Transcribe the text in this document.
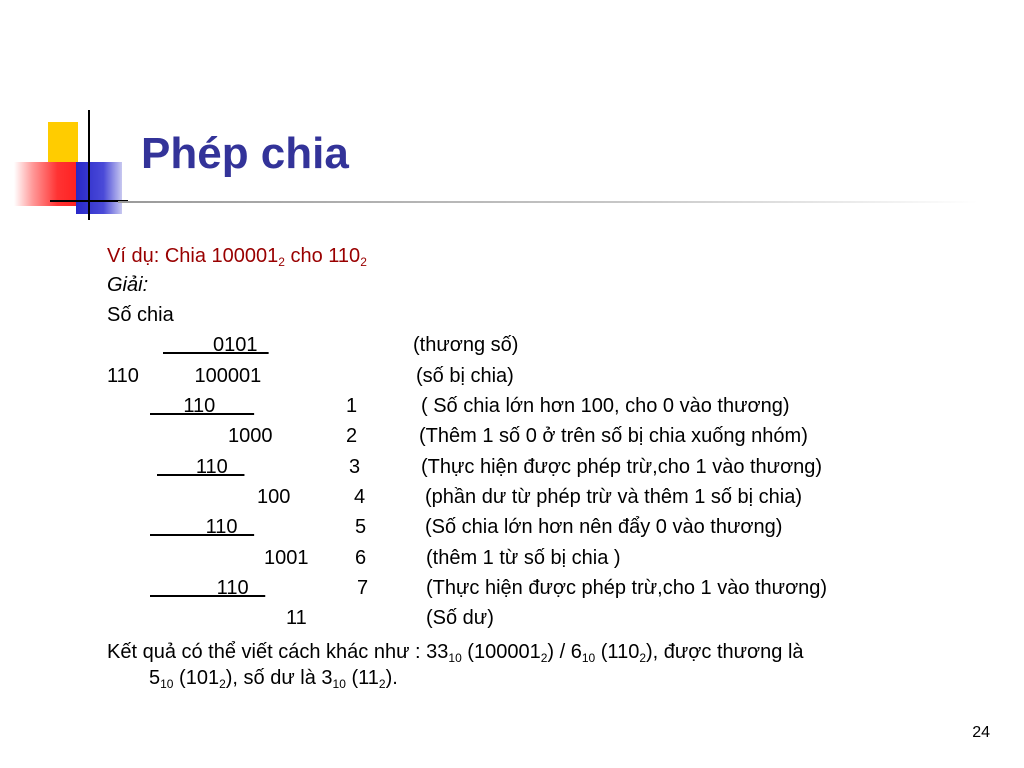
Phép chia
Ví dụ: Chia $100001_2$ cho $110_2$
Giải:
Số chia
0101	(thương số)
110          100001	(số bị chia)
110	1	( Số chia lớn hơn 100, cho 0 vào thương)
1000	2	(Thêm 1 số 0 ở trên số bị chia xuống nhóm)
110	3	(Thực hiện được phép trừ,cho 1 vào thương)
100	4	(phần dư từ phép trừ và thêm 1 số bị chia)
110	5	(Số chia lớn hơn nên đẩy 0 vào thương)
1001 6	(thêm 1 từ số bị chia )
110	7	(Thực hiện được phép trừ,cho 1 vào thương)
11	(Số dư)
Kết quả có thể viết cách khác như : $33_{10}$ $(100001_2) / 6_{10}$ $(110_2)$, được thương là
$5_{10}$ $(101_2)$, số dư là $3_{10}$ $(11_2)$.
24
